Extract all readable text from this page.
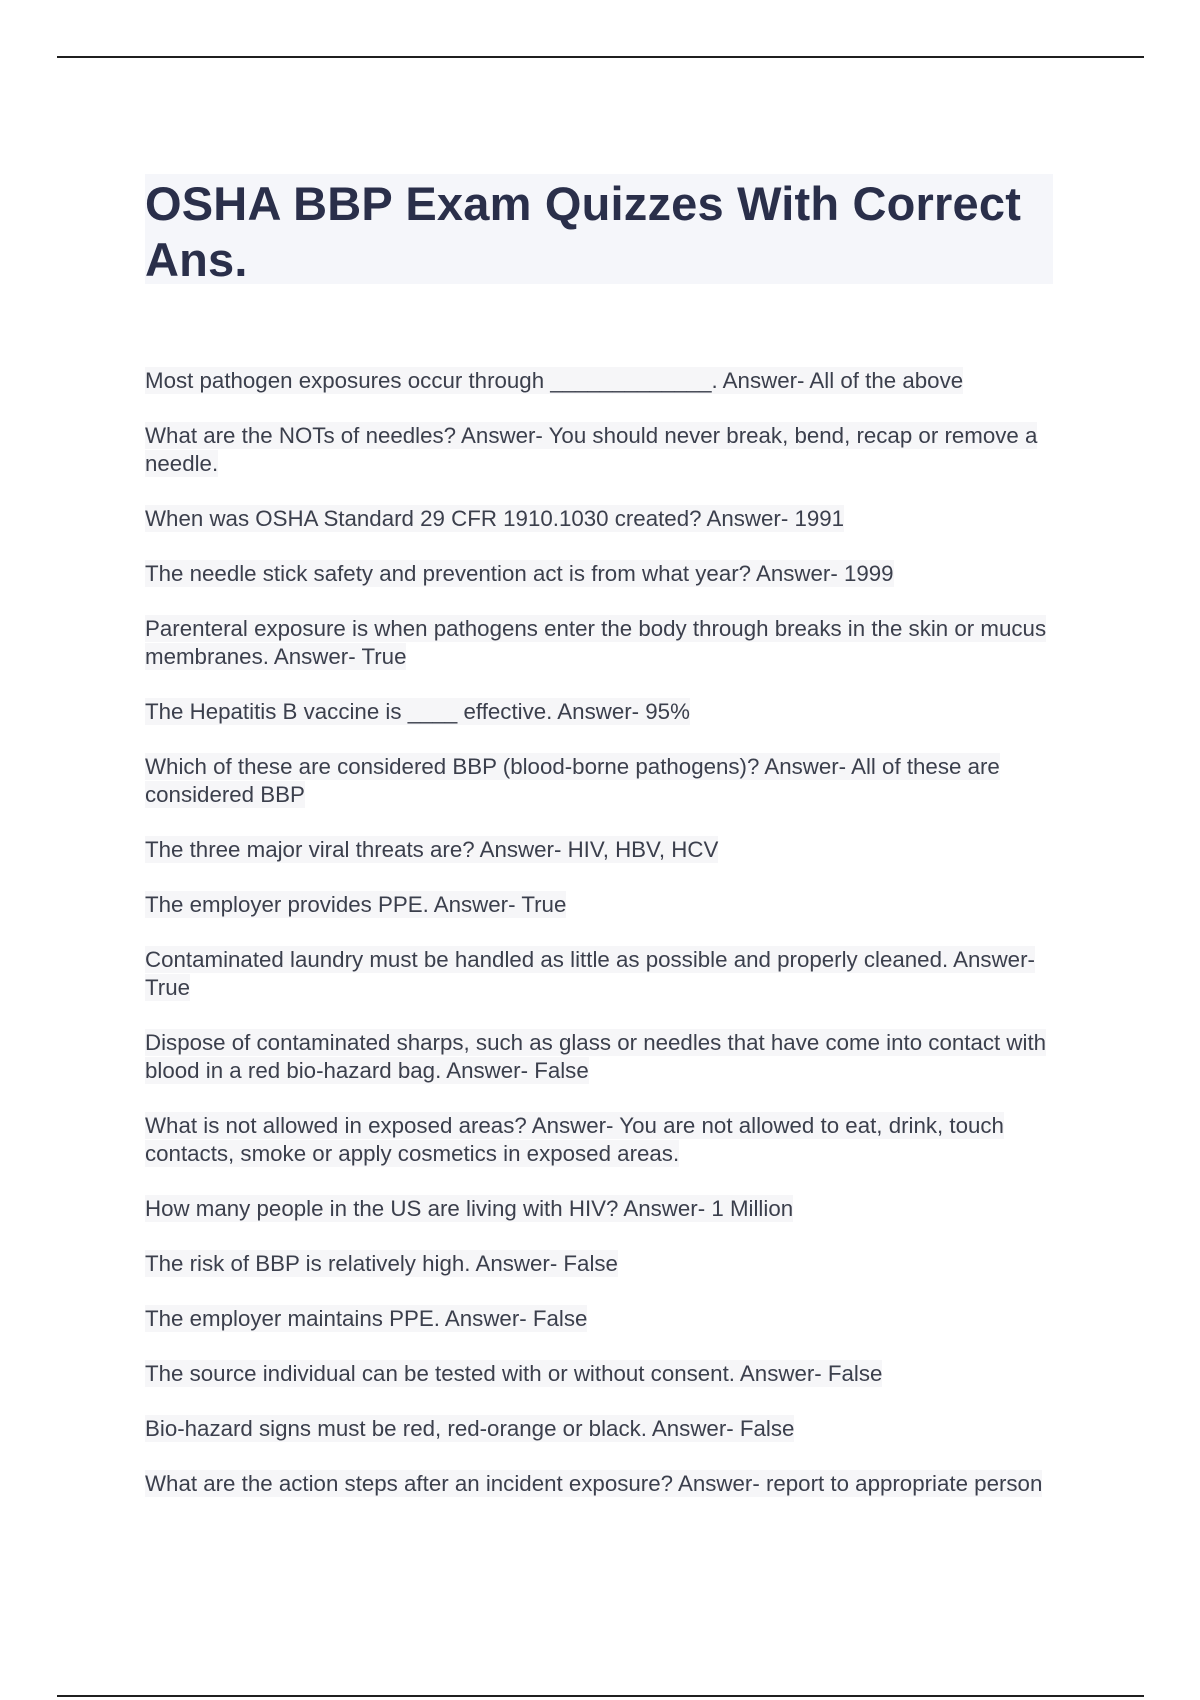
OSHA BBP Exam Quizzes With Correct Ans.
Most pathogen exposures occur through _____________. Answer- All of the above
What are the NOTs of needles? Answer- You should never break, bend, recap or remove a needle.
When was OSHA Standard 29 CFR 1910.1030 created? Answer- 1991
The needle stick safety and prevention act is from what year? Answer- 1999
Parenteral exposure is when pathogens enter the body through breaks in the skin or mucus membranes. Answer- True
The Hepatitis B vaccine is ____ effective. Answer- 95%
Which of these are considered BBP (blood-borne pathogens)? Answer- All of these are considered BBP
The three major viral threats are? Answer- HIV, HBV, HCV
The employer provides PPE. Answer- True
Contaminated laundry must be handled as little as possible and properly cleaned. Answer- True
Dispose of contaminated sharps, such as glass or needles that have come into contact with blood in a red bio-hazard bag. Answer- False
What is not allowed in exposed areas? Answer- You are not allowed to eat, drink, touch contacts, smoke or apply cosmetics in exposed areas.
How many people in the US are living with HIV? Answer- 1 Million
The risk of BBP is relatively high. Answer- False
The employer maintains PPE. Answer- False
The source individual can be tested with or without consent. Answer- False
Bio-hazard signs must be red, red-orange or black. Answer- False
What are the action steps after an incident exposure? Answer- report to appropriate person
